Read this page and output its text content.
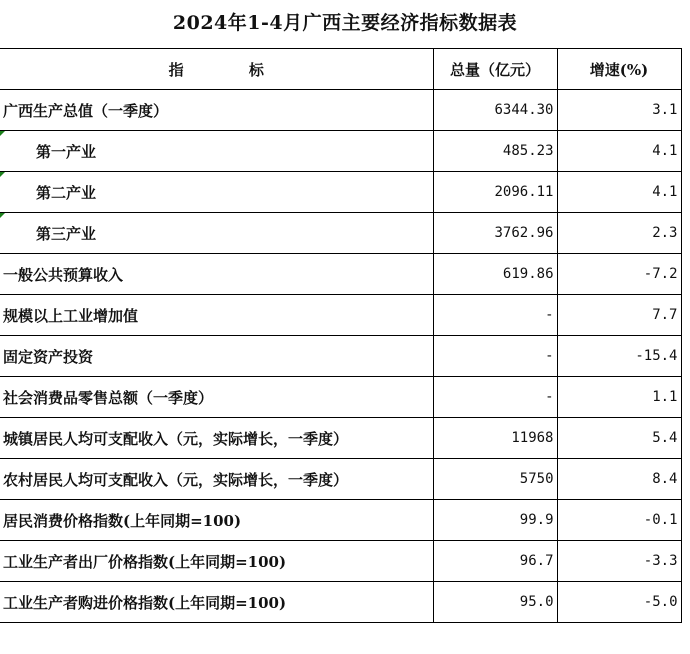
2024年1-4月广西主要经济指标数据表
指 标	总量（亿元）	增速(%)
广西生产总值（一季度）	6344.30	3.1
第一产业	485.23	4.1
第二产业	2096.11	4.1
第三产业	3762.96	2.3
一般公共预算收入	619.86	-7.2
规模以上工业增加值	-	7.7
固定资产投资	-	-15.4
社会消费品零售总额（一季度）	-	1.1
城镇居民人均可支配收入（元，实际增长，一季度）	11968	5.4
农村居民人均可支配收入（元，实际增长，一季度）	5750	8.4
居民消费价格指数(上年同期=100)	99.9	-0.1
工业生产者出厂价格指数(上年同期=100)	96.7	-3.3
工业生产者购进价格指数(上年同期=100)	95.0	-5.0
